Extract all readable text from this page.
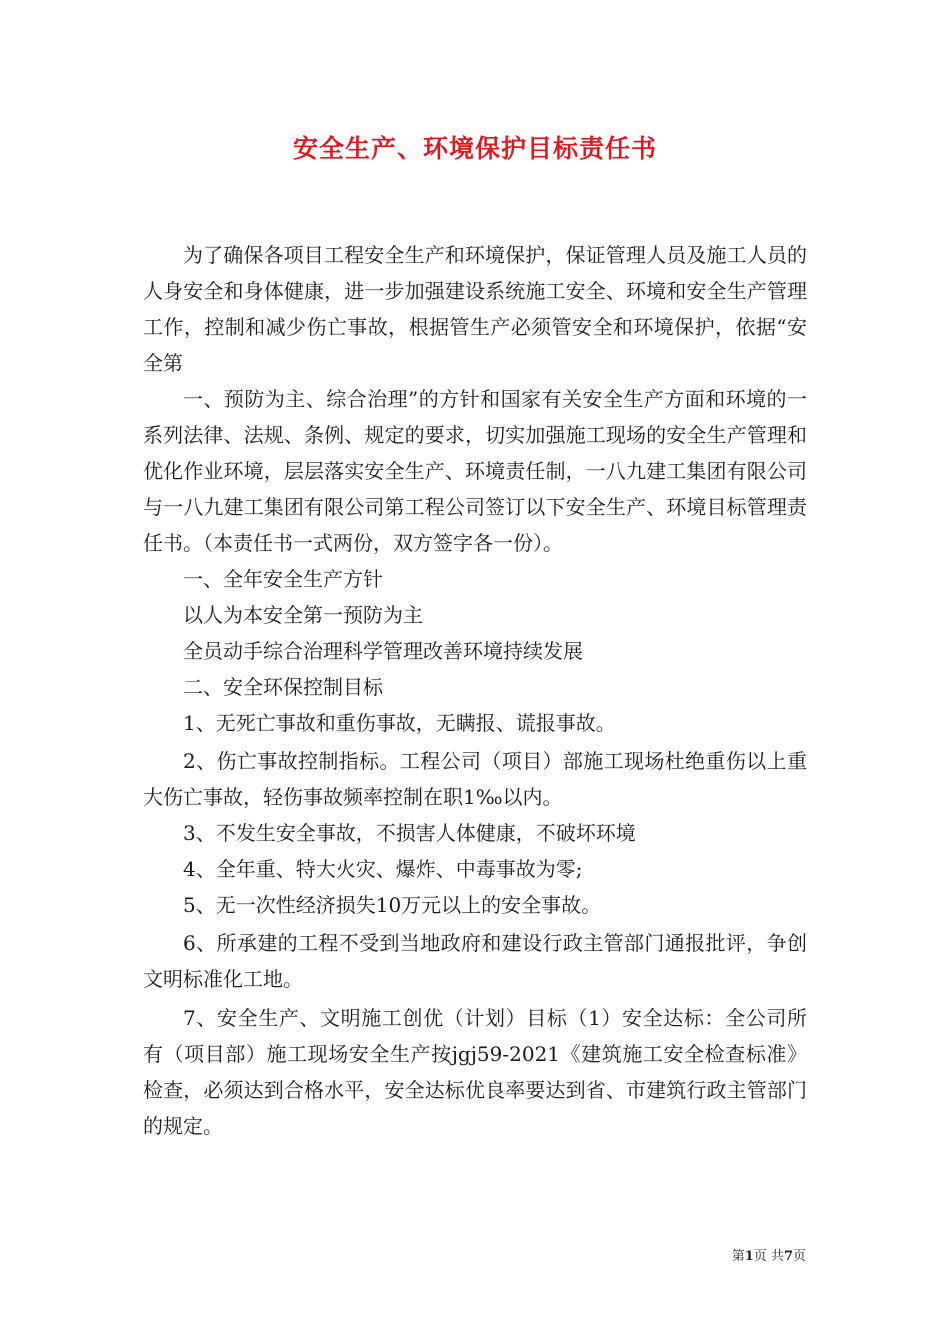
安全生产、环境保护目标责任书

为了确保各项目工程安全生产和环境保护，保证管理人员及施工人员的人身安全和身体健康，进一步加强建设系统施工安全、环境和安全生产管理工作，控制和减少伤亡事故，根据管生产必须管安全和环境保护，依据“安全第

一、预防为主、综合治理”的方针和国家有关安全生产方面和环境的一系列法律、法规、条例、规定的要求，切实加强施工现场的安全生产管理和优化作业环境，层层落实安全生产、环境责任制，一八九建工集团有限公司与一八九建工集团有限公司第工程公司签订以下安全生产、环境目标管理责任书。（本责任书一式两份，双方签字各一份）。

一、全年安全生产方针

以人为本安全第一预防为主

全员动手综合治理科学管理改善环境持续发展

二、安全环保控制目标

1、无死亡事故和重伤事故，无瞒报、谎报事故。

2、伤亡事故控制指标。工程公司（项目）部施工现场杜绝重伤以上重大伤亡事故，轻伤事故频率控制在职1‰以内。

3、不发生安全事故，不损害人体健康，不破坏环境

4、全年重、特大火灾、爆炸、中毒事故为零;

5、无一次性经济损失10万元以上的安全事故。

6、所承建的工程不受到当地政府和建设行政主管部门通报批评，争创文明标准化工地。

7、安全生产、文明施工创优（计划）目标（1）安全达标：全公司所有（项目部）施工现场安全生产按jgj59-2021《建筑施工安全检查标准》检查，必须达到合格水平，安全达标优良率要达到省、市建筑行政主管部门的规定。

第1页 共7页
